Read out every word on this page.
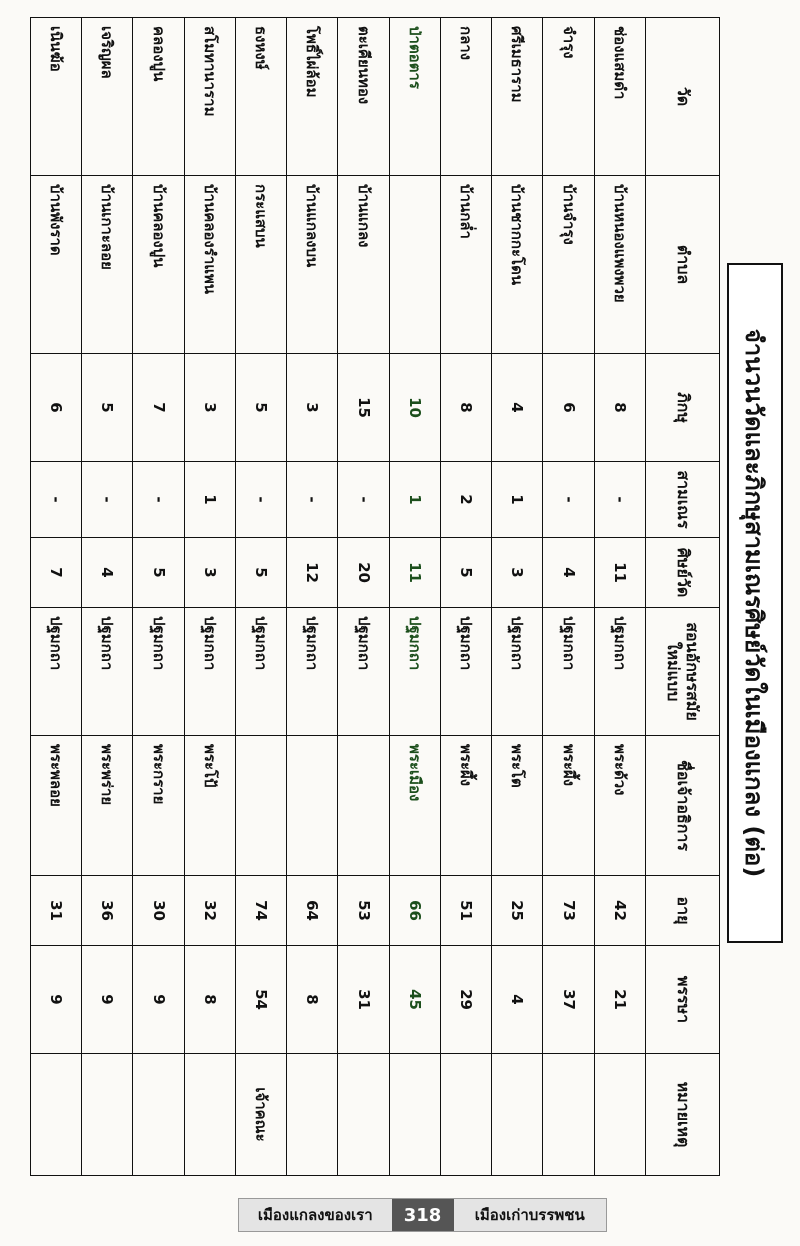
จำนวนวัดและภิกษุสามเณรศิษย์วัดในเมืองแกลง (ต่อ)
วัด	ตำบล	ภิกษุ	สามเณร	ศิษย์วัด	สอนอักษรสมัยใหม่แบบ	ชื่อเจ้าอธิการ	อายุ	พรรษา	หมายเหตุ
ช่องแสมดำ	บ้านหนองแพงพวย	8	-	11	ปฐมกถา	พระด้วง	42	21	
จำรุง	บ้านจำรุง	6	-	4	ปฐมกถา	พระผึ้ง	73	37	
ศรีเมธาราม	บ้านชากกะโดน	4	1	3	ปฐมกถา	พระโต	25	4	
กลาง	บ้านกล่ำ	8	2	5	ปฐมกถา	พระผึ้ง	51	29	
ป่าตอตาร		10	1	11	ปฐมกถา	พระเมือง	66	45	
ตะเคียนทอง	บ้านแกลง	15	-	20	ปฐมกถา		53	31	
โพธิ์ไผ่ล้อม	บ้านแกลงบน	3	-	12	ปฐมกถา		64	8	
ธงหงษ์	กระแสบน	5	-	5	ปฐมกถา		74	54	เจ้าคณะ
สโมทานาราม	บ้านคลองรำแพน	3	1	3	ปฐมกถา	พระโป้	32	8	
คลองปูน	บ้านคลองปูน	7	-	5	ปฐมกถา	พระกราย	30	9	
เจริญผล	บ้านเกาะลอย	5	-	4	ปฐมกถา	พระพร่าย	36	9	
เนินฆ้อ	บ้านพังราด	6	-	7	ปฐมกถา	พระพลอย	31	9	
เมืองแกลงของเรา	318	เมืองเก่าบรรพชน
